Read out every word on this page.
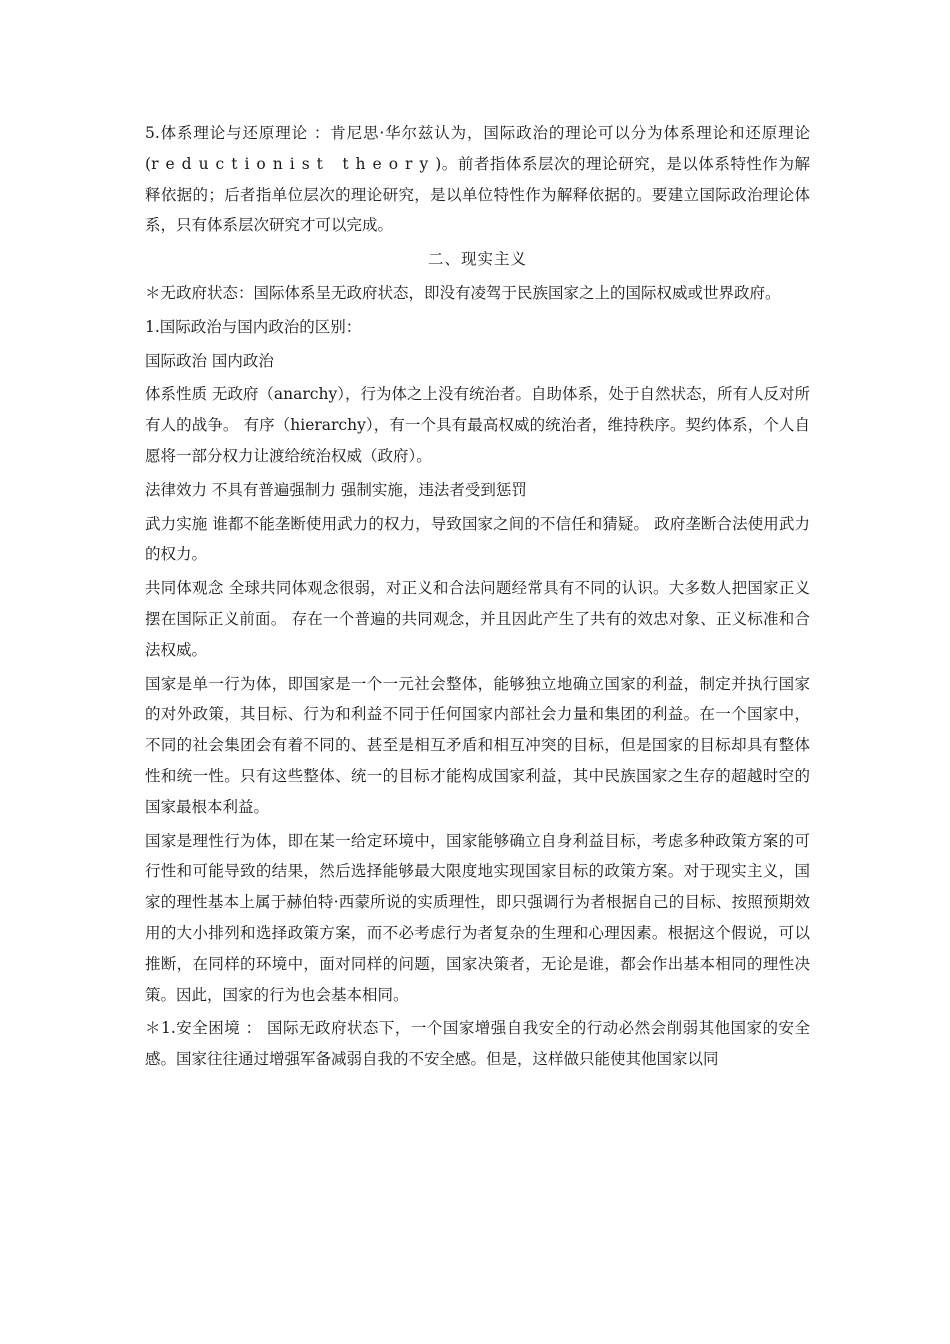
5.体系理论与还原理论 ：肯尼思·华尔兹认为，国际政治的理论可以分为体系理论和还原理论(reductionist theory)。前者指体系层次的理论研究，是以体系特性作为解释依据的；后者指单位层次的理论研究，是以单位特性作为解释依据的。要建立国际政治理论体系，只有体系层次研究才可以完成。

二、现实主义

＊无政府状态：国际体系呈无政府状态，即没有凌驾于民族国家之上的国际权威或世界政府。

1.国际政治与国内政治的区别：

国际政治 国内政治

体系性质 无政府（anarchy），行为体之上没有统治者。自助体系，处于自然状态，所有人反对所有人的战争。 有序（hierarchy），有一个具有最高权威的统治者，维持秩序。契约体系，个人自愿将一部分权力让渡给统治权威（政府）。

法律效力 不具有普遍强制力 强制实施，违法者受到惩罚

武力实施 谁都不能垄断使用武力的权力，导致国家之间的不信任和猜疑。 政府垄断合法使用武力的权力。

共同体观念 全球共同体观念很弱，对正义和合法问题经常具有不同的认识。大多数人把国家正义摆在国际正义前面。 存在一个普遍的共同观念，并且因此产生了共有的效忠对象、正义标准和合法权威。

国家是单一行为体，即国家是一个一元社会整体，能够独立地确立国家的利益，制定并执行国家的对外政策，其目标、行为和利益不同于任何国家内部社会力量和集团的利益。在一个国家中，不同的社会集团会有着不同的、甚至是相互矛盾和相互冲突的目标，但是国家的目标却具有整体性和统一性。只有这些整体、统一的目标才能构成国家利益，其中民族国家之生存的超越时空的国家最根本利益。

国家是理性行为体，即在某一给定环境中，国家能够确立自身利益目标，考虑多种政策方案的可行性和可能导致的结果，然后选择能够最大限度地实现国家目标的政策方案。对于现实主义，国家的理性基本上属于赫伯特·西蒙所说的实质理性，即只强调行为者根据自己的目标、按照预期效用的大小排列和选择政策方案，而不必考虑行为者复杂的生理和心理因素。根据这个假说，可以推断，在同样的环境中，面对同样的问题，国家决策者，无论是谁，都会作出基本相同的理性决策。因此，国家的行为也会基本相同。

＊1.安全困境 ： 国际无政府状态下，一个国家增强自我安全的行动必然会削弱其他国家的安全感。国家往往通过增强军备减弱自我的不安全感。但是，这样做只能使其他国家以同
